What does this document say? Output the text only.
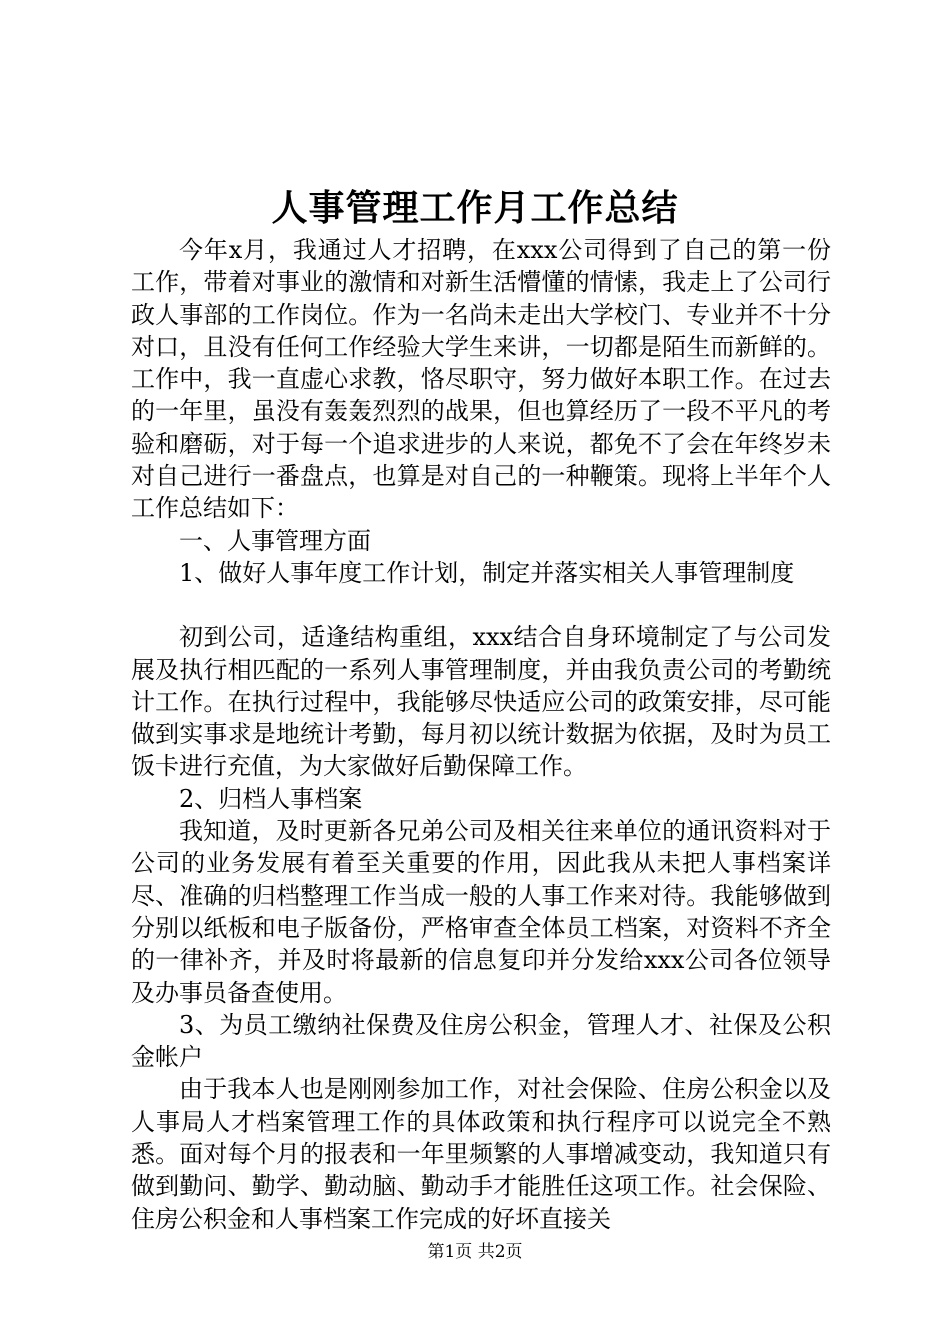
人事管理工作月工作总结

今年x月，我通过人才招聘，在xxx公司得到了自己的第一份工作，带着对事业的激情和对新生活懵懂的情愫，我走上了公司行政人事部的工作岗位。作为一名尚未走出大学校门、专业并不十分对口，且没有任何工作经验大学生来讲，一切都是陌生而新鲜的。工作中，我一直虚心求教，恪尽职守，努力做好本职工作。在过去的一年里，虽没有轰轰烈烈的战果，但也算经历了一段不平凡的考验和磨砺，对于每一个追求进步的人来说，都免不了会在年终岁未对自己进行一番盘点，也算是对自己的一种鞭策。现将上半年个人工作总结如下：

一、人事管理方面

1、做好人事年度工作计划，制定并落实相关人事管理制度

初到公司，适逢结构重组，xxx结合自身环境制定了与公司发展及执行相匹配的一系列人事管理制度，并由我负责公司的考勤统计工作。在执行过程中，我能够尽快适应公司的政策安排，尽可能做到实事求是地统计考勤，每月初以统计数据为依据，及时为员工饭卡进行充值，为大家做好后勤保障工作。

2、归档人事档案

我知道，及时更新各兄弟公司及相关往来单位的通讯资料对于公司的业务发展有着至关重要的作用，因此我从未把人事档案详尽、准确的归档整理工作当成一般的人事工作来对待。我能够做到分别以纸板和电子版备份，严格审查全体员工档案，对资料不齐全的一律补齐，并及时将最新的信息复印并分发给xxx公司各位领导及办事员备查使用。

3、为员工缴纳社保费及住房公积金，管理人才、社保及公积金帐户

由于我本人也是刚刚参加工作，对社会保险、住房公积金以及人事局人才档案管理工作的具体政策和执行程序可以说完全不熟悉。面对每个月的报表和一年里频繁的人事增减变动，我知道只有做到勤问、勤学、勤动脑、勤动手才能胜任这项工作。社会保险、住房公积金和人事档案工作完成的好坏直接关

第1页 共2页
